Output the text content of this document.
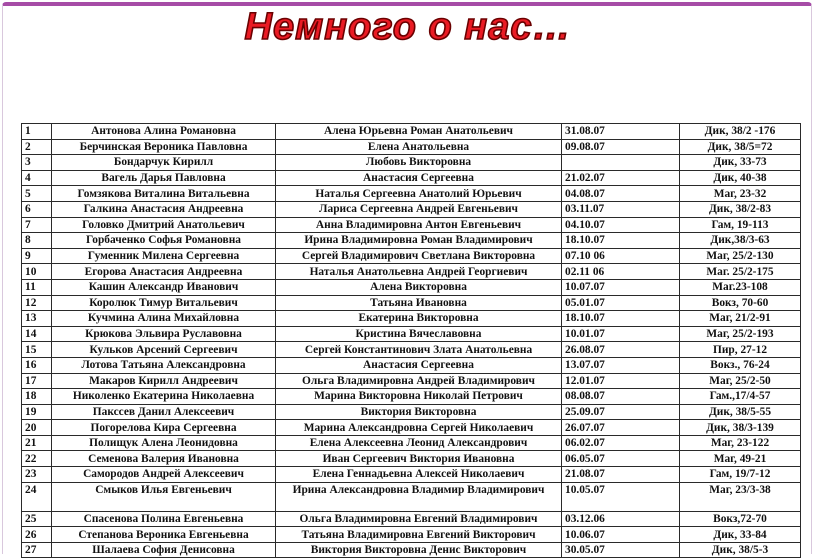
Немного о нас…
1	Антонова Алина Романовна	Алена Юрьевна Роман Анатольевич	31.08.07	Дик, 38/2 -176
2	Берчинская Вероника Павловна	Елена Анатольевна	09.08.07	Дик, 38/5=72
3	Бондарчук Кирилл	Любовь Викторовна		Дик, 33-73
4	Вагель Дарья Павловна	Анастасия Сергеевна	21.02.07	Дик, 40-38
5	Гомзякова Виталина Витальевна	Наталья Сергеевна Анатолий Юрьевич	04.08.07	Маг, 23-32
6	Галкина Анастасия Андреевна	Лариса Сергеевна Андрей Евгеньевич	03.11.07	Дик, 38/2-83
7	Головко Дмитрий Анатольевич	Анна Владимировна Антон Евгеньевич	04.10.07	Гам, 19-113
8	Горбаченко Софья Романовна	Ирина Владимировна Роман Владимирович	18.10.07	Дик,38/3-63
9	Гуменник Милена Сергеевна	Сергей Владимирович Светлана Викторовна	07.10 06	Маг, 25/2-130
10	Егорова Анастасия Андреевна	Наталья Анатольевна Андрей Георгиевич	02.11 06	Маг. 25/2-175
11	Кашин Александр Иванович	Алена Викторовна	10.07.07	Маг.23-108
12	Королюк Тимур Витальевич	Татьяна Ивановна	05.01.07	Вокз, 70-60
13	Кучмина Алина Михайловна	Екатерина Викторовна	18.10.07	Маг, 21/2-91
14	Крюкова Эльвира Руславовна	Кристина Вячеславовна	10.01.07	Маг, 25/2-193
15	Кульков Арсений Сергеевич	Сергей Константинович Злата Анатольевна	26.08.07	Пир, 27-12
16	Лотова Татьяна Александровна	Анастасия Сергеевна	13.07.07	Вокз., 76-24
17	Макаров Кирилл Андреевич	Ольга Владимировна Андрей Владимирович	12.01.07	Маг, 25/2-50
18	Николенко Екатерина Николаевна	Марина Викторовна Николай Петрович	08.08.07	Гам.,17/4-57
19	Пакссев Данил Алексеевич	Виктория Викторовна	25.09.07	Дик, 38/5-55
20	Погорелова Кира Сергеевна	Марина Александровна Сергей Николаевич	26.07.07	Дик, 38/3-139
21	Полищук Алена Леонидовна	Елена Алексеевна Леонид Александрович	06.02.07	Маг, 23-122
22	Семенова Валерия Ивановна	Иван Сергеевич Виктория Ивановна	06.05.07	Маг, 49-21
23	Самородов Андрей Алексеевич	Елена Геннадьевна Алексей Николаевич	21.08.07	Гам, 19/7-12
24	Смыков Илья Евгеньевич	Ирина Александровна Владимир Владимирович	10.05.07	Маг, 23/3-38
25	Спасенова Полина Евгеньевна	Ольга Владимировна Евгений Владимирович	03.12.06	Вокз,72-70
26	Степанова Вероника Евгеньевна	Татьяна Владимировна Евгений Викторович	10.06.07	Дик, 33-84
27	Шалаева София Денисовна	Виктория Викторовна Денис Викторович	30.05.07	Дик, 38/5-3
